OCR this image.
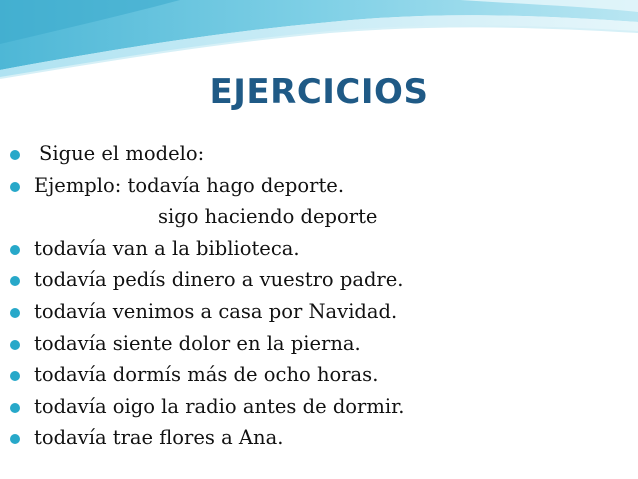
EJERCICIOS
Sigue el modelo:
Ejemplo: todavía hago deporte.
sigo haciendo deporte
todavía van a la biblioteca.
todavía pedís dinero a vuestro padre.
todavía venimos a casa por Navidad.
todavía siente dolor en la pierna.
todavía dormís más de ocho horas.
todavía oigo la radio antes de dormir.
todavía trae flores a Ana.
